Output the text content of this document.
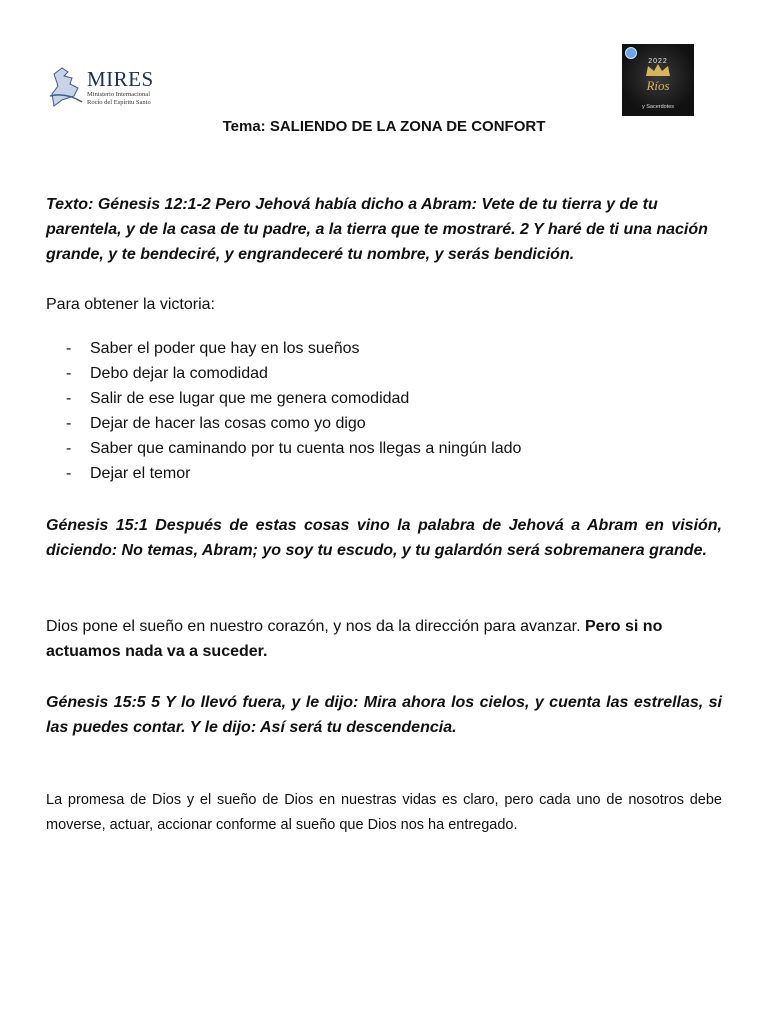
MIRES
Ministerio Internacional
Rocío del Espíritu Santo
2022
Ríos
y Sacerdotes
Tema: SALIENDO DE LA ZONA DE CONFORT

Texto: Génesis 12:1-2 Pero Jehová había dicho a Abram: Vete de tu tierra y de tu parentela, y de la casa de tu padre, a la tierra que te mostraré. 2 Y haré de ti una nación grande, y te bendeciré, y engrandeceré tu nombre, y serás bendición.

Para obtener la victoria:

- Saber el poder que hay en los sueños
- Debo dejar la comodidad
- Salir de ese lugar que me genera comodidad
- Dejar de hacer las cosas como yo digo
- Saber que caminando por tu cuenta nos llegas a ningún lado
- Dejar el temor

Génesis 15:1 Después de estas cosas vino la palabra de Jehová a Abram en visión, diciendo: No temas, Abram; yo soy tu escudo, y tu galardón será sobremanera grande.

Dios pone el sueño en nuestro corazón, y nos da la dirección para avanzar. Pero si no actuamos nada va a suceder.

Génesis 15:5 5 Y lo llevó fuera, y le dijo: Mira ahora los cielos, y cuenta las estrellas, si las puedes contar. Y le dijo: Así será tu descendencia.

La promesa de Dios y el sueño de Dios en nuestras vidas es claro, pero cada uno de nosotros debe moverse, actuar, accionar conforme al sueño que Dios nos ha entregado.
